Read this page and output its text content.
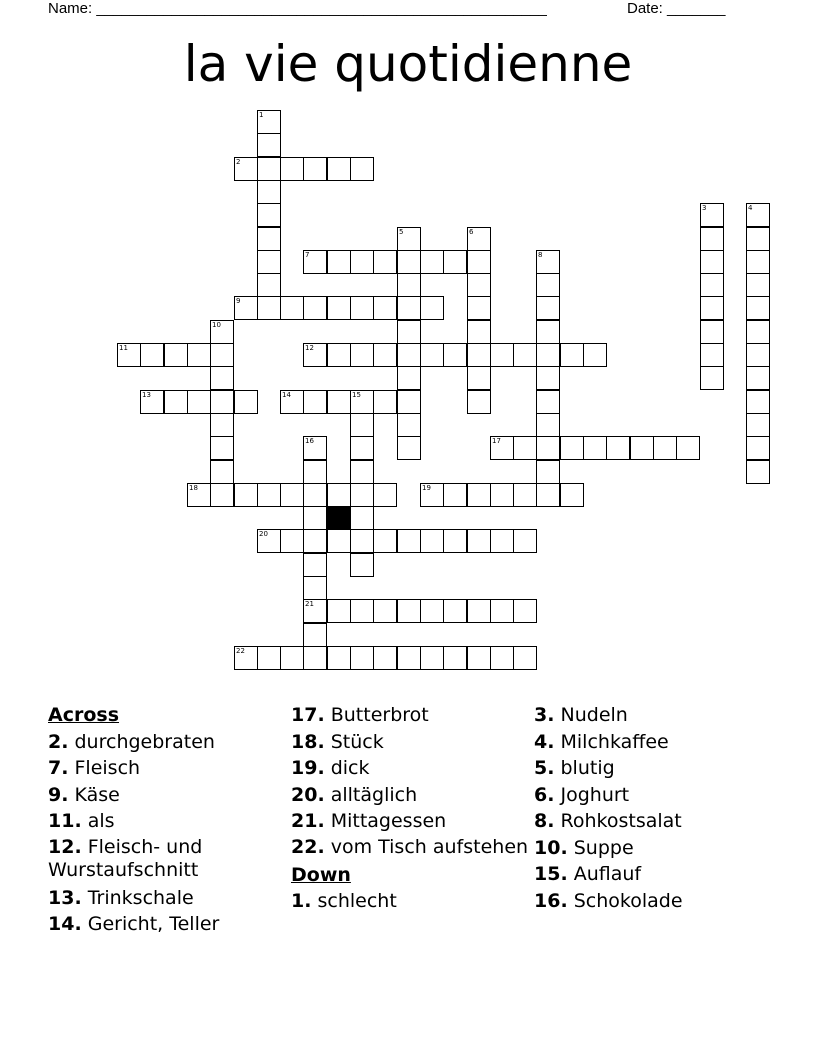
Name: ______________________________________________________	Date: _______
la vie quotidienne
1
2
3	4
5	6
7	8
9
10
11	12
13	14	15
16
21
17
18	19
20
22
Across
2. durchgebraten
7. Fleisch
9. Käse
11. als
12. Fleisch- und Wurstaufschnitt
13. Trinkschale
14. Gericht, Teller
17. Butterbrot
18. Stück
19. dick
20. alltäglich
21. Mittagessen
22. vom Tisch aufstehen
Down
1. schlecht
3. Nudeln
4. Milchkaffee
5. blutig
6. Joghurt
8. Rohkostsalat
10. Suppe
15. Auflauf
16. Schokolade
